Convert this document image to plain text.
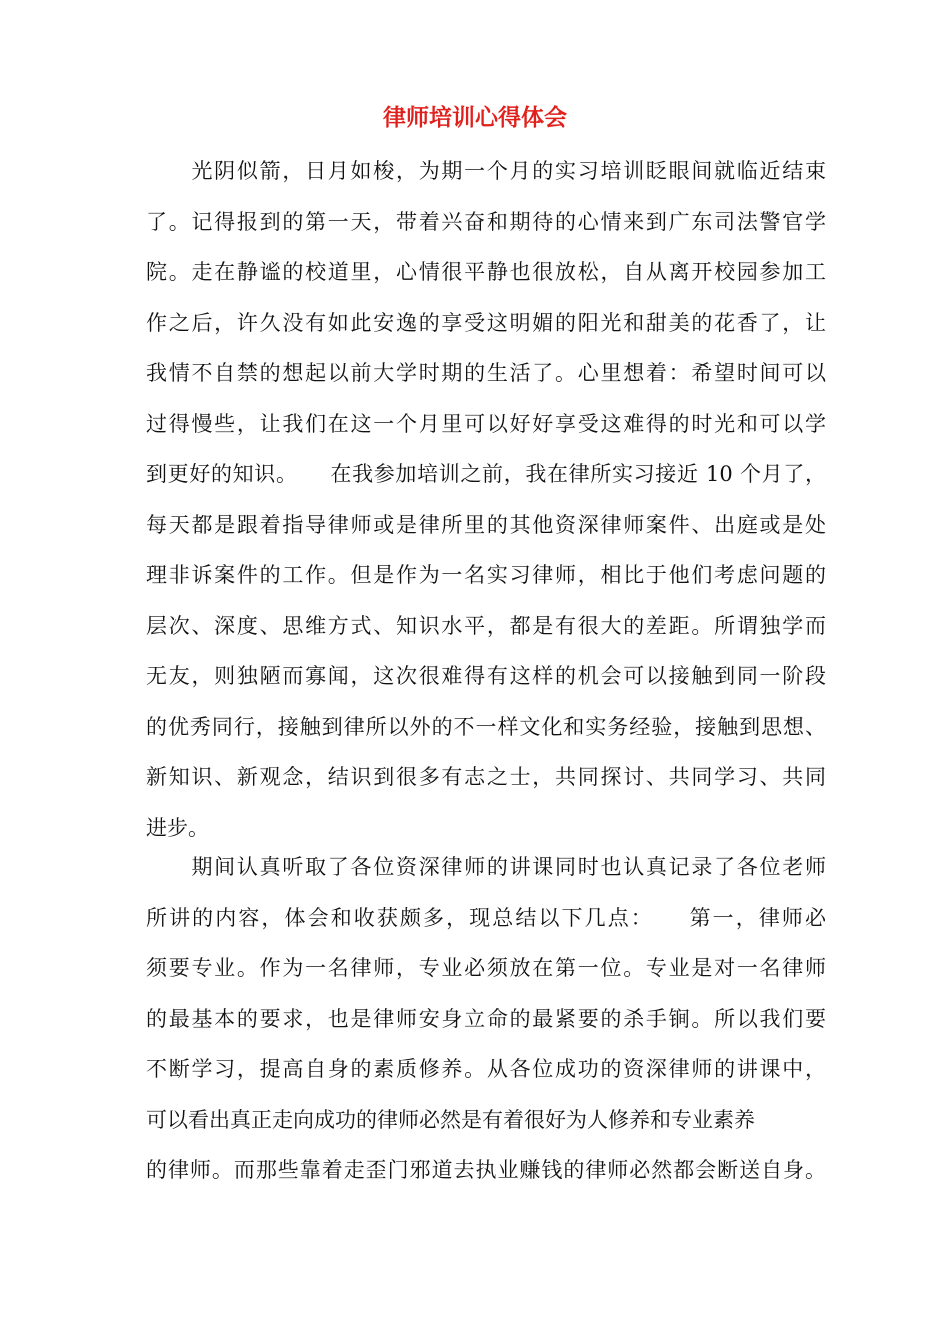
律师培训心得体会
　　光阴似箭，日月如梭，为期一个月的实习培训眨眼间就临近结束
了。记得报到的第一天，带着兴奋和期待的心情来到广东司法警官学
院。走在静谧的校道里，心情很平静也很放松，自从离开校园参加工
作之后，许久没有如此安逸的享受这明媚的阳光和甜美的花香了，让
我情不自禁的想起以前大学时期的生活了。心里想着：希望时间可以
过得慢些，让我们在这一个月里可以好好享受这难得的时光和可以学
到更好的知识。　　在我参加培训之前，我在律所实习接近 10 个月了，
每天都是跟着指导律师或是律所里的其他资深律师案件、出庭或是处
理非诉案件的工作。但是作为一名实习律师，相比于他们考虑问题的
层次、深度、思维方式、知识水平，都是有很大的差距。所谓独学而
无友，则独陋而寡闻，这次很难得有这样的机会可以接触到同一阶段
的优秀同行，接触到律所以外的不一样文化和实务经验，接触到思想、
新知识、新观念，结识到很多有志之士，共同探讨、共同学习、共同
进步。
　　期间认真听取了各位资深律师的讲课同时也认真记录了各位老师
所讲的内容，体会和收获颇多，现总结以下几点：　　第一，律师必
须要专业。作为一名律师，专业必须放在第一位。专业是对一名律师
的最基本的要求，也是律师安身立命的最紧要的杀手锏。所以我们要
不断学习，提高自身的素质修养。从各位成功的资深律师的讲课中，
可以看出真正走向成功的律师必然是有着很好为人修养和专业素养
的律师。而那些靠着走歪门邪道去执业赚钱的律师必然都会断送自身。
